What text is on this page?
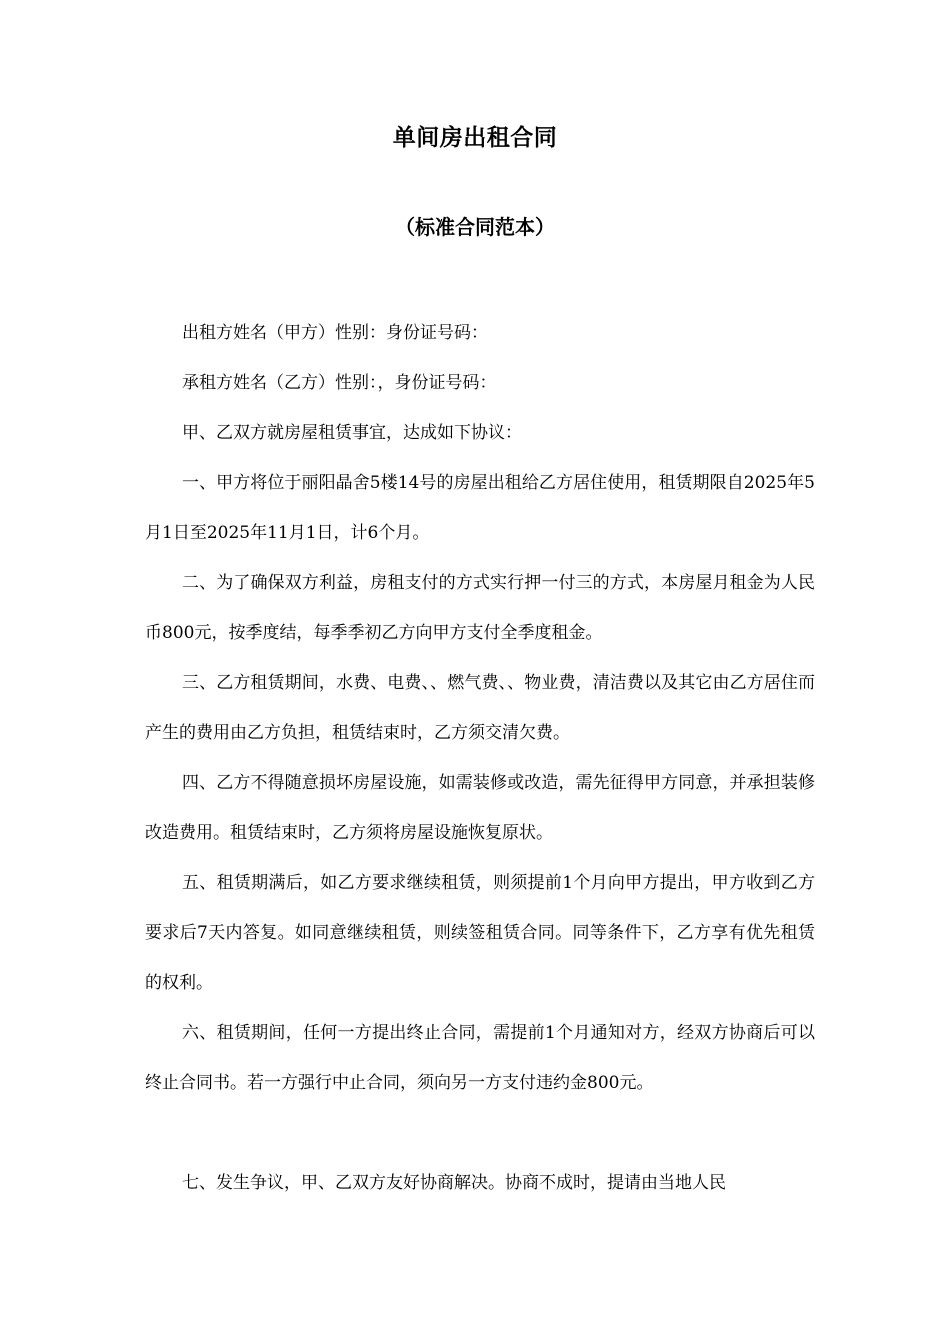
单间房出租合同
（标准合同范本）

出租方姓名（甲方）性别：身份证号码：

承租方姓名（乙方）性别：，身份证号码：

甲、乙双方就房屋租赁事宜，达成如下协议：

一、甲方将位于丽阳晶舍5楼14号的房屋出租给乙方居住使用，租赁期限自2025年5月1日至2025年11月1日，计6个月。

二、为了确保双方利益，房租支付的方式实行押一付三的方式，本房屋月租金为人民币800元，按季度结，每季季初乙方向甲方支付全季度租金。

三、乙方租赁期间，水费、电费、、燃气费、、物业费，清洁费以及其它由乙方居住而产生的费用由乙方负担，租赁结束时，乙方须交清欠费。

四、乙方不得随意损坏房屋设施，如需装修或改造，需先征得甲方同意，并承担装修改造费用。租赁结束时，乙方须将房屋设施恢复原状。

五、租赁期满后，如乙方要求继续租赁，则须提前1个月向甲方提出，甲方收到乙方要求后7天内答复。如同意继续租赁，则续签租赁合同。同等条件下，乙方享有优先租赁的权利。

六、租赁期间，任何一方提出终止合同，需提前1个月通知对方，经双方协商后可以终止合同书。若一方强行中止合同，须向另一方支付违约金800元。

七、发生争议，甲、乙双方友好协商解决。协商不成时，提请由当地人民
